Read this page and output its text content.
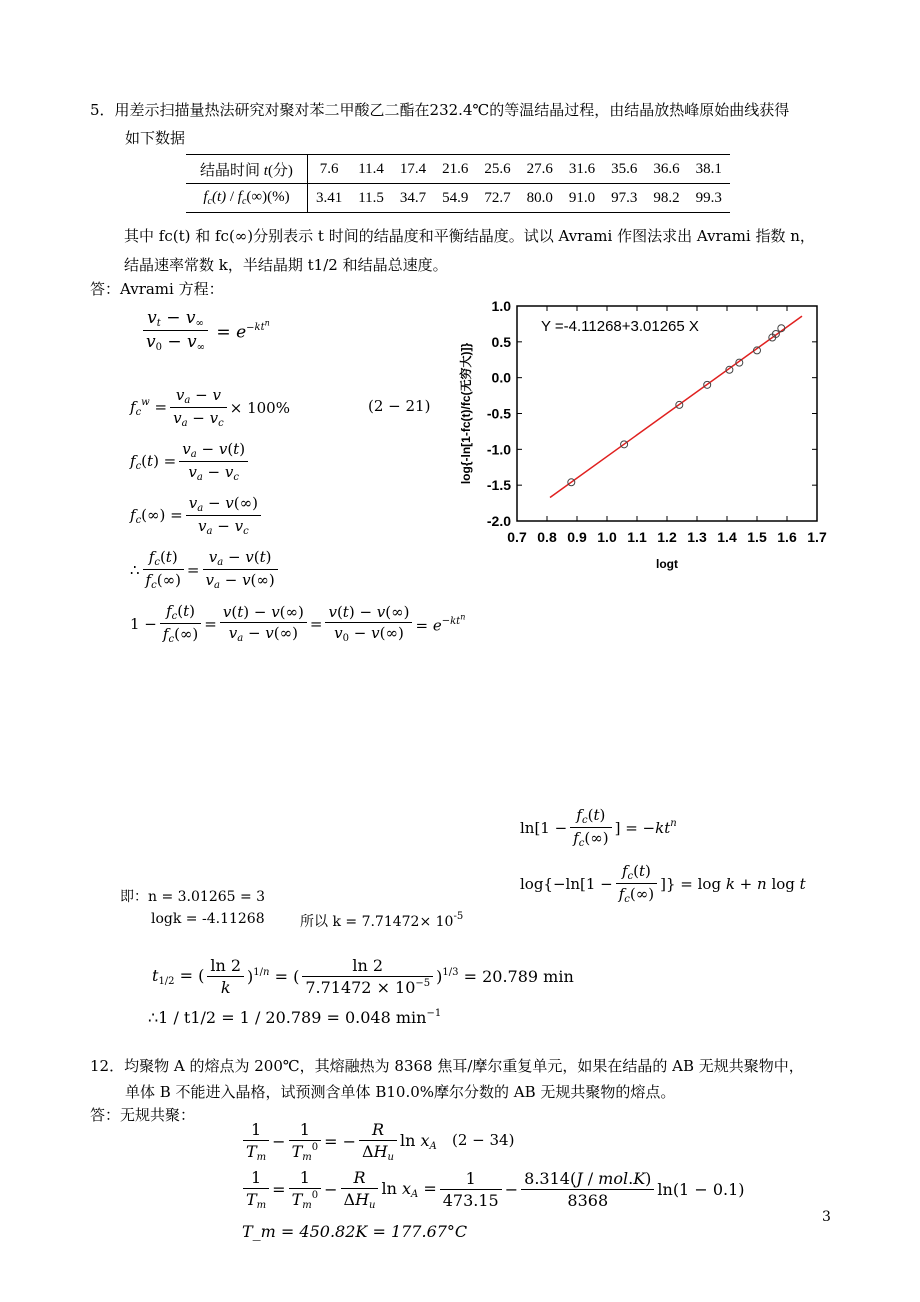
5．用差示扫描量热法研究对聚对苯二甲酸乙二酯在232.4℃的等温结晶过程，由结晶放热峰原始曲线获得
如下数据
结晶时间 t(分)	7.6	11.4	17.4	21.6	25.6	27.6	31.6	35.6	36.6	38.1
$f_c(t) / f_c(\infty)(\%)$	3.41	11.5	34.7	54.9	72.7	80.0	91.0	97.3	98.2	99.3
其中 fc(t) 和 fc(∞)分别表示 t 时间的结晶度和平衡结晶度。试以 Avrami 作图法求出 Avrami 指数 n，
结晶速率常数 k，半结晶期 t1/2 和结晶总速度。
答：Avrami 方程：
$\frac{v_t - v_\infty}{v_0 - v_\infty} = e^{-kt^n}$
$f_c^w = \frac{v_a - v}{v_a - v_c} \times 100\%$	(2 − 21)
$f_c(t) = \frac{v_a - v(t)}{v_a - v_c}$
$f_c(\infty) = \frac{v_a - v(\infty)}{v_a - v_c}$
∴ $\frac{f_c(t)}{f_c(\infty)} = \frac{v_a - v(t)}{v_a - v(\infty)}$
$1 - \frac{f_c(t)}{f_c(\infty)} = \frac{v(t) - v(\infty)}{v_a - v(\infty)} = \frac{v(t) - v(\infty)}{v_0 - v(\infty)} = e^{-kt^n}$
0.7 0.8 0.9 1.0 1.1 1.2 1.3 1.4 1.5 1.6 1.7
1.0
0.5
0.0
-0.5
-1.0
-1.5
-2.0
Y =-4.11268+3.01265 X
logt
log{-ln[1-fc(t)/fc(无穷大)]}
$\ln[1 - \frac{f_c(t)}{f_c(\infty)}$ ] = $-kt^n$
$\log\{-\ln[1 - \frac{f_c(t)}{f_c(\infty)}$ ]} = log k + n log t
即：n = 3.01265 = 3
logk = -4.11268	所以 $k = 7.71472\times 10^{-5}$
$t_{1/2}$ = ( $\frac{\ln 2}{k} )^{1/n}$ = ( $\frac{\ln 2}{7.71472 \times 10^{-5}} )^{1/3} = 20.789$ min
∴1 / t1/2 = 1 / 20.789 = 0.048 $\min^{-1}$
12．均聚物 A 的熔点为 200℃，其熔融热为 8368 焦耳/摩尔重复单元，如果在结晶的 AB 无规共聚物中，
单体 B 不能进入晶格，试预测含单体 B10.0%摩尔分数的 AB 无规共聚物的熔点。
答：无规共聚：
$\frac{1}{T_m} - \frac{1}{T_m^0}$ = − $\frac{R}{\Delta H_u}$ $\ln x_A$ (2 − 34)
$\frac{1}{T_m} = \frac{1}{T_m^0} - \frac{R}{\Delta H_u}$ $\ln x_A = \frac{1}{473.15} - \frac{\text{8.314(J / mol.K)}}{8368} \ln(1 - 0.1)$
T_m = 450.82K = 177.67°C
3
